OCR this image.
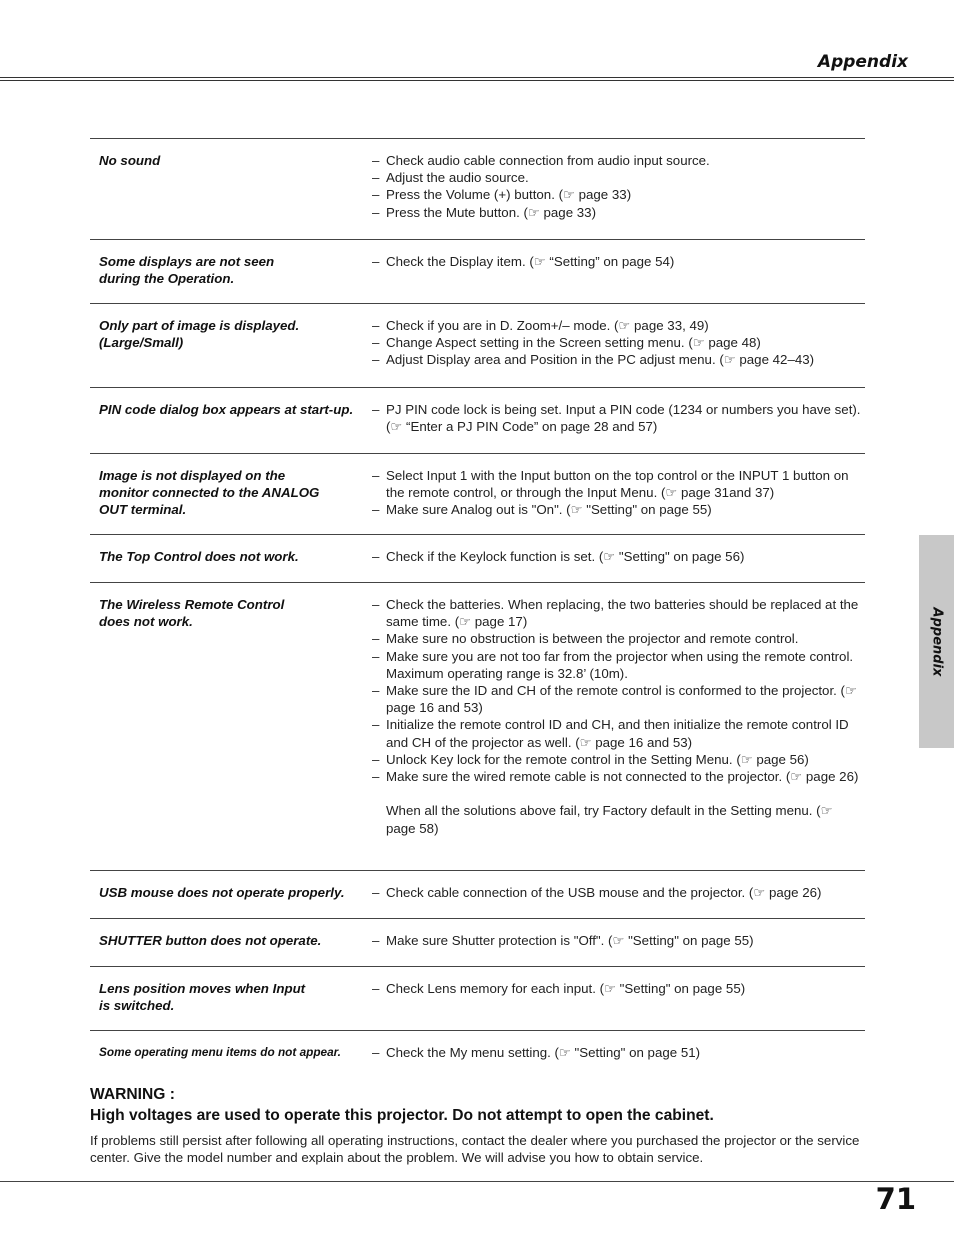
Appendix
Appendix
No sound	– Check audio cable connection from audio input source.
– Adjust the audio source.
– Press the Volume (+) button. (☞ page 33)
– Press the Mute button. (☞ page 33)
Some displays are not seen
during the Operation.
– Check the Display item. (☞ “Setting” on page 54)
Only part of image is displayed.
(Large/Small)
– Check if you are in D. Zoom+/– mode. (☞ page 33, 49)
– Change Aspect setting in the Screen setting menu. (☞ page 48)
– Adjust Display area and Position in the PC adjust menu. (☞ page 42–43)
PIN code dialog box appears at start-up.	– PJ PIN code lock is being set. Input a PIN code (1234 or numbers you have set). (☞ “Enter a PJ PIN Code” on page 28 and 57)
Image is not displayed on the
monitor connected to the ANALOG
OUT terminal.
– Select Input 1 with the Input button on the top control or the INPUT 1 button on the remote control, or through the Input Menu. (☞ page 31and 37)
– Make sure Analog out is "On". (☞ "Setting" on page 55)
The Top Control does not work.	– Check if the Keylock function is set. (☞ "Setting" on page 56)
The Wireless Remote Control
does not work.
– Check the batteries. When replacing, the two batteries should be replaced at the same time. (☞ page 17)
– Make sure no obstruction is between the projector and remote control.
– Make sure you are not too far from the projector when using the remote control. Maximum operating range is 32.8’ (10m).
– Make sure the ID and CH of the remote control is conformed to the projector. (☞ page 16 and 53)
– Initialize the remote control ID and CH, and then initialize the remote control ID and CH of the projector as well. (☞ page 16 and 53)
– Unlock Key lock for the remote control in the Setting Menu. (☞ page 56)
– Make sure the wired remote cable is not connected to the projector. (☞ page 26)
When all the solutions above fail, try Factory default in the Setting menu. (☞ page 58)
USB mouse does not operate properly.	– Check cable connection of the USB mouse and the projector. (☞ page 26)
SHUTTER button does not operate.	– Make sure Shutter protection is "Off". (☞ "Setting" on page 55)
Lens position moves when Input
is switched.
– Check Lens memory for each input. (☞ "Setting" on page 55)
Some operating menu items do not appear.	– Check the My menu setting. (☞ "Setting" on page 51)
WARNING :
High voltages are used to operate this projector. Do not attempt to open the cabinet.
If problems still persist after following all operating instructions, contact the dealer where you purchased the projector or the service center. Give the model number and explain about the problem. We will advise you how to obtain service.
71
